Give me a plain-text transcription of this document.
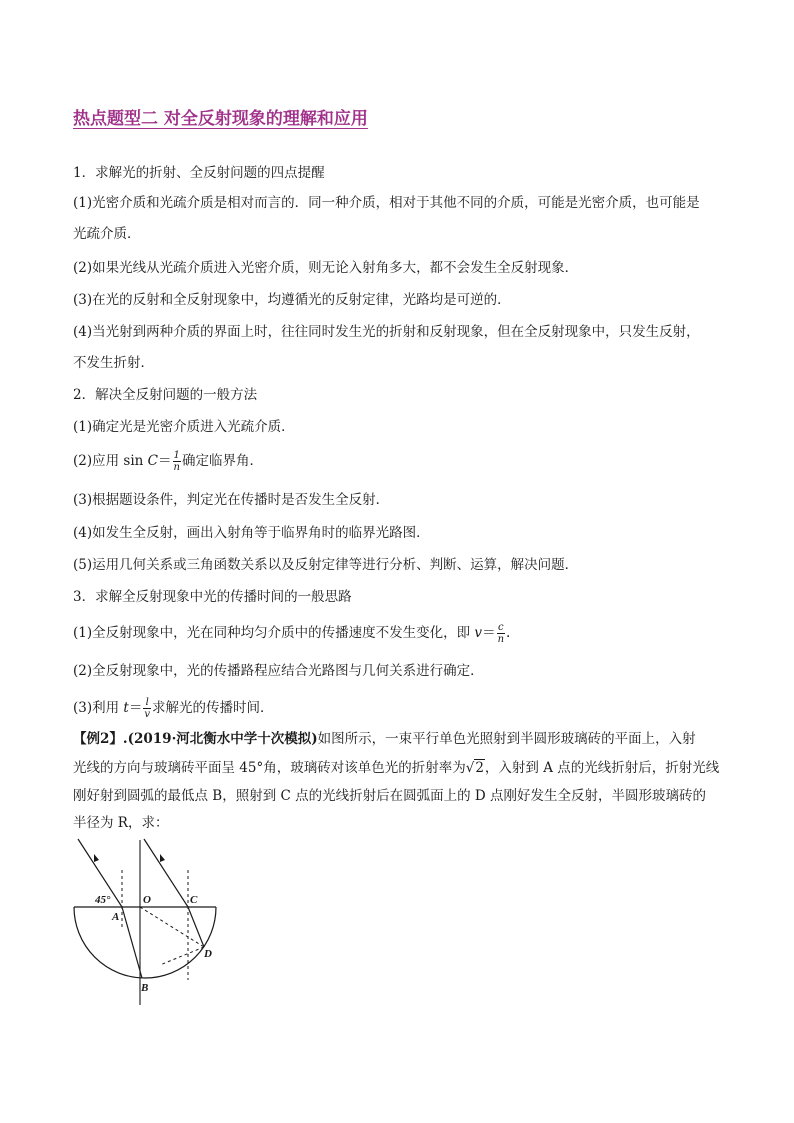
热点题型二 对全反射现象的理解和应用
1．求解光的折射、全反射问题的四点提醒
(1)光密介质和光疏介质是相对而言的．同一种介质，相对于其他不同的介质，可能是光密介质，也可能是
光疏介质．
(2)如果光线从光疏介质进入光密介质，则无论入射角多大，都不会发生全反射现象．
(3)在光的反射和全反射现象中，均遵循光的反射定律，光路均是可逆的．
(4)当光射到两种介质的界面上时，往往同时发生光的折射和反射现象，但在全反射现象中，只发生反射，
不发生折射．
2．解决全反射问题的一般方法
(1)确定光是光密介质进入光疏介质．
(2)应用 $\sin C= \frac{1}{n}$ 确定临界角．
(3)根据题设条件，判定光在传播时是否发生全反射．
(4)如发生全反射，画出入射角等于临界角时的临界光路图．
(5)运用几何关系或三角函数关系以及反射定律等进行分析、判断、运算，解决问题．
3．求解全反射现象中光的传播时间的一般思路
(1)全反射现象中，光在同种均匀介质中的传播速度不发生变化，即 $v= \frac{c}{n}$ .
(2)全反射现象中，光的传播路程应结合光路图与几何关系进行确定．
(3)利用 $t= \frac{l}{v}$ 求解光的传播时间．
【例2】.(2019·河北衡水中学十次模拟)如图所示，一束平行单色光照射到半圆形玻璃砖的平面上，入射
光线的方向与玻璃砖平面呈 45°角，玻璃砖对该单色光的折射率为√2，入射到 A 点的光线折射后，折射光线
刚好射到圆弧的最低点 B，照射到 C 点的光线折射后在圆弧面上的 D 点刚好发生全反射，半圆形玻璃砖的
半径为 R，求：
45°
A
O	C
D
B
